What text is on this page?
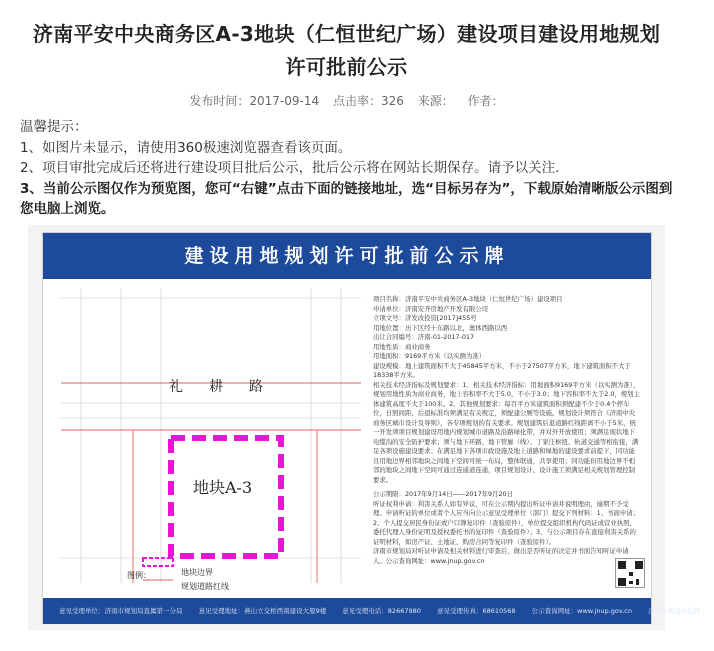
济南平安中央商务区A-3地块（仁恒世纪广场）建设项目建设用地规划
许可批前公示
发布时间：2017-09-14 点击率：326 来源： 作者：
温馨提示：
1、如图片未显示，请使用360极速浏览器查看该页面。
2、项目审批完成后还将进行建设项目批后公示，批后公示将在网站长期保存。请予以关注.
3、当前公示图仅作为预览图，您可“右键”点击下面的链接地址，选“目标另存为”，下载原始清晰版公示图到您电脑上浏览。
建设用地规划许可批前公示牌
礼耕路
地块A-3
图例：	地块边界
规划道路红线
项目名称：济南平安中央商务区A-3地块（仁恒世纪广场）建设项目
申请单位：济南安齐房地产开发有限公司
立项文号：济发改投资[2017]455号
用地位置：历下区经十东路以北，奥体西路以西
出让合同编号：济南-01-2017-017
用地性质：商业商务
用地面积：9169平方米（以实测为准）
建设规模：地上建筑面积不大于45845平方米，不小于27507平方米，地下建筑面积不大于18338平方米。
相关技术经济指标及规划要求：1、相关技术经济指标：用地面积9169平方米（以实测为准），规划用地性质为商业商务，地上容积率不大于5.0，不小于3.0；地下容积率不大于2.0，规划主体建筑高度不大于100米。2、其他规划要求：每百平方米建筑面积须配建不少于0.4个停车位，日照间距、后退标准均须满足有关规定，须配建公厕等设施。规划设计须符合《济南中央商务区城市设计及导则》，各专项规划的有关要求。规划建筑后退道路红线距离不小于5米，统一开发须项目规划建设用地内规划城市道路及沿路绿化带，并对外开放使用；须满足现状地下电缆沟的安全防护要求；须与地下环路、地下管廊（线）、丁家庄枢纽、轨道交通等相衔接，满足各项设施建设要求；在满足地下各项市政设施及地上道路和绿地的建设要求前提下，同功能且用地边界相邻地块之间地下空间可统一布局，整体联通，共享使用；同功能但用地边界不相邻的地块之间地下空间可通过连通道连通，项目规划设计、设计施工须满足相关规划管理控制要求。
公示期限：2017年9月14日——2017年9月20日
听证权利申请：利害关系人如有异议，可在公示期内提出听证申请并说明理由，逾期不予受理。申请听证的单位或者个人应当向公示意见受理单位（部门）提交下列材料：1、书面申请；2、个人提交居民身份证或户口簿复印件（查验原件），单位提交组织机构代码证或营业执照，委托代理人身份证明及授权委托书的复印件（查验原件）；3、与公示项目存在直接利害关系的证明材料，如房产证、土地证、购房合同等复印件（查验原件）。
济南市规划局对听证申请及相关材料进行审查后，做出是否听证的决定并书面告知听证申请人。公示查询网址：www.jnup.gov.cn
意见受理单位：济南市规划局直属第一分局 意见受理地址：燕山立交桥西南建设大厦9楼 意见受理电话：82667980 意见受理传真：68610568 公示查询网址：www.jnup.gov.cn 济南市规划局监制
